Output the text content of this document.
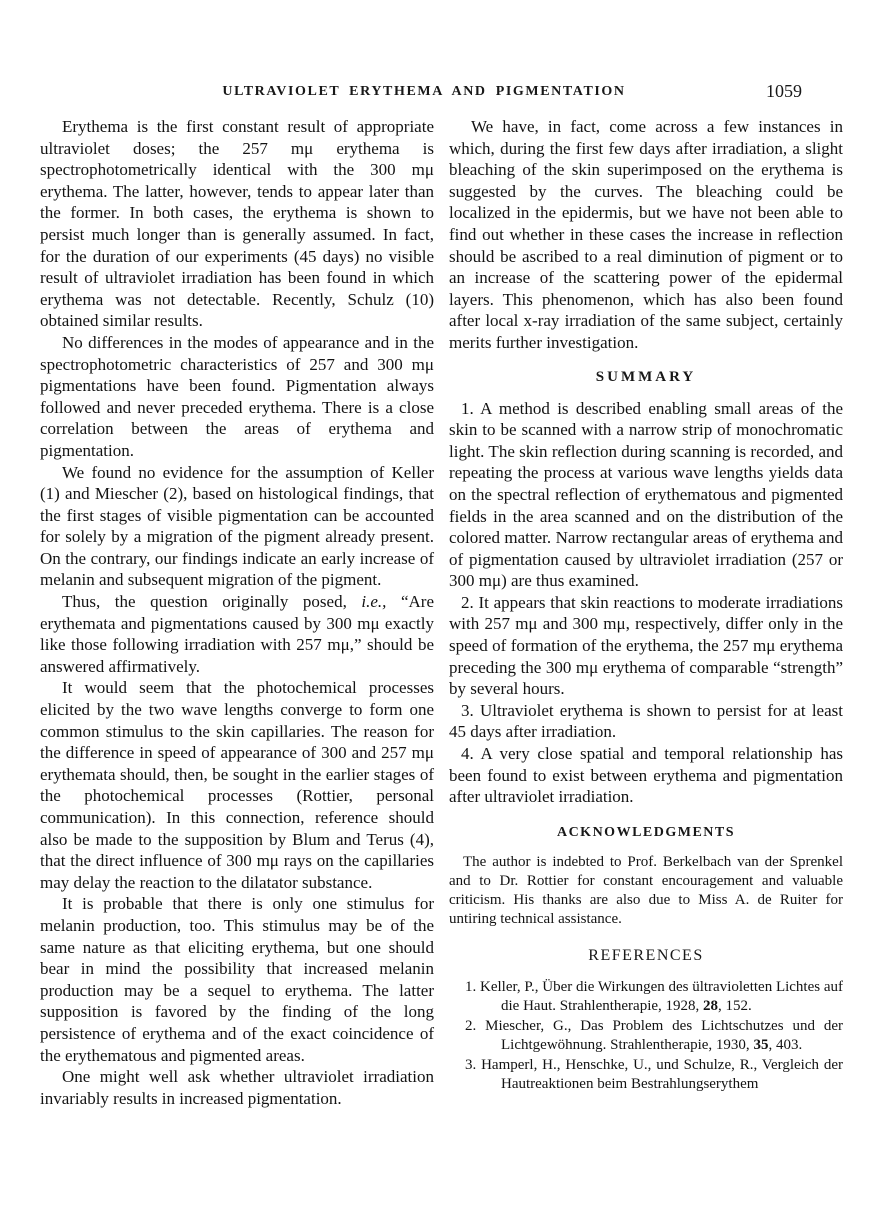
ULTRAVIOLET ERYTHEMA AND PIGMENTATION	1059

Erythema is the first constant result of appropriate ultraviolet doses; the 257 mμ erythema is spectrophotometrically identical with the 300 mμ erythema. The latter, however, tends to appear later than the former. In both cases, the erythema is shown to persist much longer than is generally assumed. In fact, for the duration of our experiments (45 days) no visible result of ultraviolet irradiation has been found in which erythema was not detectable. Recently, Schulz (10) obtained similar results.

No differences in the modes of appearance and in the spectrophotometric characteristics of 257 and 300 mμ pigmentations have been found. Pigmentation always followed and never preceded erythema. There is a close correlation between the areas of erythema and pigmentation.

We found no evidence for the assumption of Keller (1) and Miescher (2), based on histological findings, that the first stages of visible pigmentation can be accounted for solely by a migration of the pigment already present. On the contrary, our findings indicate an early increase of melanin and subsequent migration of the pigment.

Thus, the question originally posed, i.e., “Are erythemata and pigmentations caused by 300 mμ exactly like those following irradiation with 257 mμ,” should be answered affirmatively.

It would seem that the photochemical processes elicited by the two wave lengths converge to form one common stimulus to the skin capillaries. The reason for the difference in speed of appearance of 300 and 257 mμ erythemata should, then, be sought in the earlier stages of the photochemical processes (Rottier, personal communication). In this connection, reference should also be made to the supposition by Blum and Terus (4), that the direct influence of 300 mμ rays on the capillaries may delay the reaction to the dilatator substance.

It is probable that there is only one stimulus for melanin production, too. This stimulus may be of the same nature as that eliciting erythema, but one should bear in mind the possibility that increased melanin production may be a sequel to erythema. The latter supposition is favored by the finding of the long persistence of erythema and of the exact coincidence of the erythematous and pigmented areas.

One might well ask whether ultraviolet irradiation invariably results in increased pigmentation.

We have, in fact, come across a few instances in which, during the first few days after irradiation, a slight bleaching of the skin superimposed on the erythema is suggested by the curves. The bleaching could be localized in the epidermis, but we have not been able to find out whether in these cases the increase in reflection should be ascribed to a real diminution of pigment or to an increase of the scattering power of the epidermal layers. This phenomenon, which has also been found after local x-ray irradiation of the same subject, certainly merits further investigation.

SUMMARY

1. A method is described enabling small areas of the skin to be scanned with a narrow strip of monochromatic light. The skin reflection during scanning is recorded, and repeating the process at various wave lengths yields data on the spectral reflection of erythematous and pigmented fields in the area scanned and on the distribution of the colored matter. Narrow rectangular areas of erythema and of pigmentation caused by ultraviolet irradiation (257 or 300 mμ) are thus examined.

2. It appears that skin reactions to moderate irradiations with 257 mμ and 300 mμ, respectively, differ only in the speed of formation of the erythema, the 257 mμ erythema preceding the 300 mμ erythema of comparable “strength” by several hours.

3. Ultraviolet erythema is shown to persist for at least 45 days after irradiation.

4. A very close spatial and temporal relationship has been found to exist between erythema and pigmentation after ultraviolet irradiation.

ACKNOWLEDGMENTS

The author is indebted to Prof. Berkelbach van der Sprenkel and to Dr. Rottier for constant encouragement and valuable criticism. His thanks are also due to Miss A. de Ruiter for untiring technical assistance.

REFERENCES

1. Keller, P., Über die Wirkungen des ültravioletten Lichtes auf die Haut. Strahlentherapie, 1928, 28, 152.

2. Miescher, G., Das Problem des Lichtschutzes und der Lichtgewöhnung. Strahlentherapie, 1930, 35, 403.

3. Hamperl, H., Henschke, U., und Schulze, R., Vergleich der Hautreaktionen beim Bestrahlungserythem
